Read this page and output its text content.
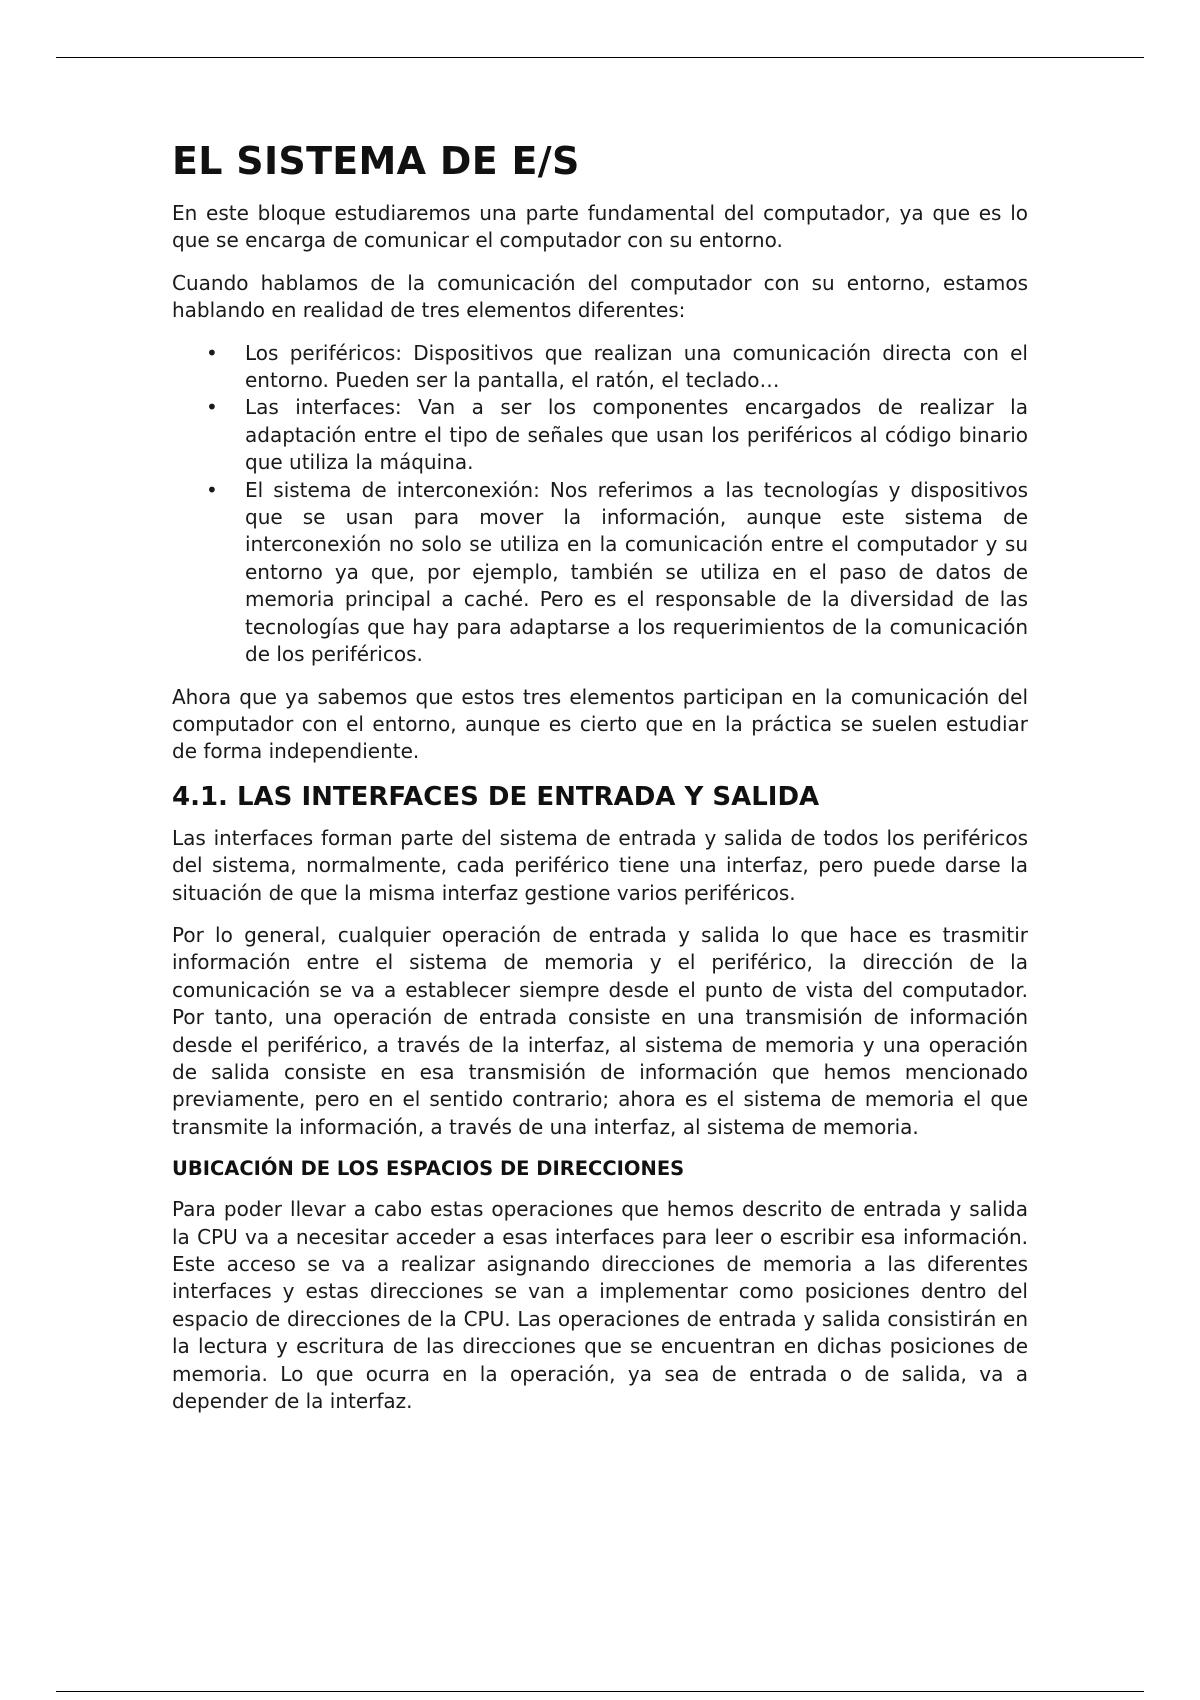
EL SISTEMA DE E/S

En este bloque estudiaremos una parte fundamental del computador, ya que es lo que se encarga de comunicar el computador con su entorno.

Cuando hablamos de la comunicación del computador con su entorno, estamos hablando en realidad de tres elementos diferentes:

• Los periféricos: Dispositivos que realizan una comunicación directa con el entorno. Pueden ser la pantalla, el ratón, el teclado…
• Las interfaces: Van a ser los componentes encargados de realizar la adaptación entre el tipo de señales que usan los periféricos al código binario que utiliza la máquina.
• El sistema de interconexión: Nos referimos a las tecnologías y dispositivos que se usan para mover la información, aunque este sistema de interconexión no solo se utiliza en la comunicación entre el computador y su entorno ya que, por ejemplo, también se utiliza en el paso de datos de memoria principal a caché. Pero es el responsable de la diversidad de las tecnologías que hay para adaptarse a los requerimientos de la comunicación de los periféricos.

Ahora que ya sabemos que estos tres elementos participan en la comunicación del computador con el entorno, aunque es cierto que en la práctica se suelen estudiar de forma independiente.

4.1. LAS INTERFACES DE ENTRADA Y SALIDA

Las interfaces forman parte del sistema de entrada y salida de todos los periféricos del sistema, normalmente, cada periférico tiene una interfaz, pero puede darse la situación de que la misma interfaz gestione varios periféricos.

Por lo general, cualquier operación de entrada y salida lo que hace es trasmitir información entre el sistema de memoria y el periférico, la dirección de la comunicación se va a establecer siempre desde el punto de vista del computador. Por tanto, una operación de entrada consiste en una transmisión de información desde el periférico, a través de la interfaz, al sistema de memoria y una operación de salida consiste en esa transmisión de información que hemos mencionado previamente, pero en el sentido contrario; ahora es el sistema de memoria el que transmite la información, a través de una interfaz, al sistema de memoria.

UBICACIÓN DE LOS ESPACIOS DE DIRECCIONES

Para poder llevar a cabo estas operaciones que hemos descrito de entrada y salida la CPU va a necesitar acceder a esas interfaces para leer o escribir esa información. Este acceso se va a realizar asignando direcciones de memoria a las diferentes interfaces y estas direcciones se van a implementar como posiciones dentro del espacio de direcciones de la CPU. Las operaciones de entrada y salida consistirán en la lectura y escritura de las direcciones que se encuentran en dichas posiciones de memoria. Lo que ocurra en la operación, ya sea de entrada o de salida, va a depender de la interfaz.
